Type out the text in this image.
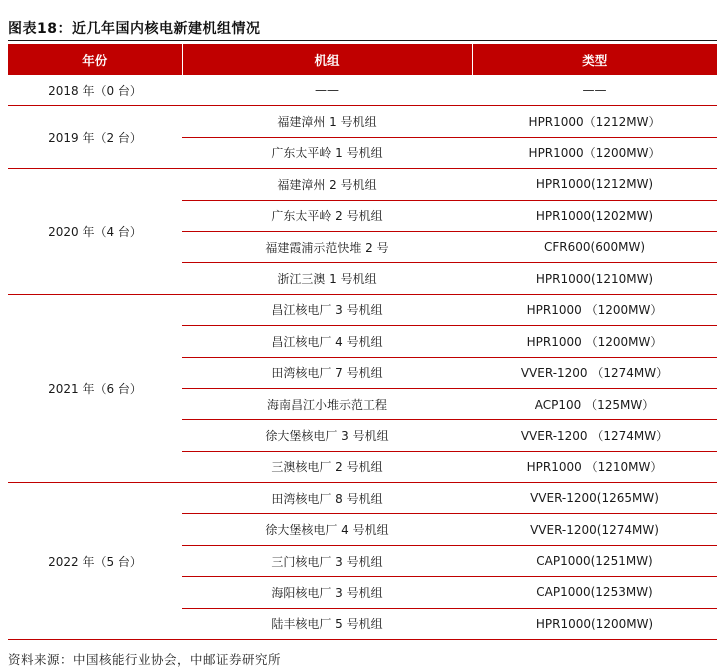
图表18：近几年国内核电新建机组情况
年份	机组	类型
2018 年（0 台）	——	——
2019 年（2 台）	福建漳州 1 号机组	HPR1000（1212MW）
	广东太平岭 1 号机组	HPR1000（1200MW）
2020 年（4 台）	福建漳州 2 号机组	HPR1000(1212MW)
	广东太平岭 2 号机组	HPR1000(1202MW)
	福建霞浦示范快堆 2 号	CFR600(600MW)
	浙江三澳 1 号机组	HPR1000(1210MW)
2021 年（6 台）	昌江核电厂 3 号机组	HPR1000 （1200MW）
	昌江核电厂 4 号机组	HPR1000 （1200MW）
	田湾核电厂 7 号机组	VVER-1200 （1274MW）
	海南昌江小堆示范工程	ACP100 （125MW）
	徐大堡核电厂 3 号机组	VVER-1200 （1274MW）
	三澳核电厂 2 号机组	HPR1000 （1210MW）
2022 年（5 台）	田湾核电厂 8 号机组	VVER-1200(1265MW)
	徐大堡核电厂 4 号机组	VVER-1200(1274MW)
	三门核电厂 3 号机组	CAP1000(1251MW)
	海阳核电厂 3 号机组	CAP1000(1253MW)
	陆丰核电厂 5 号机组	HPR1000(1200MW)
资料来源：中国核能行业协会，中邮证券研究所
